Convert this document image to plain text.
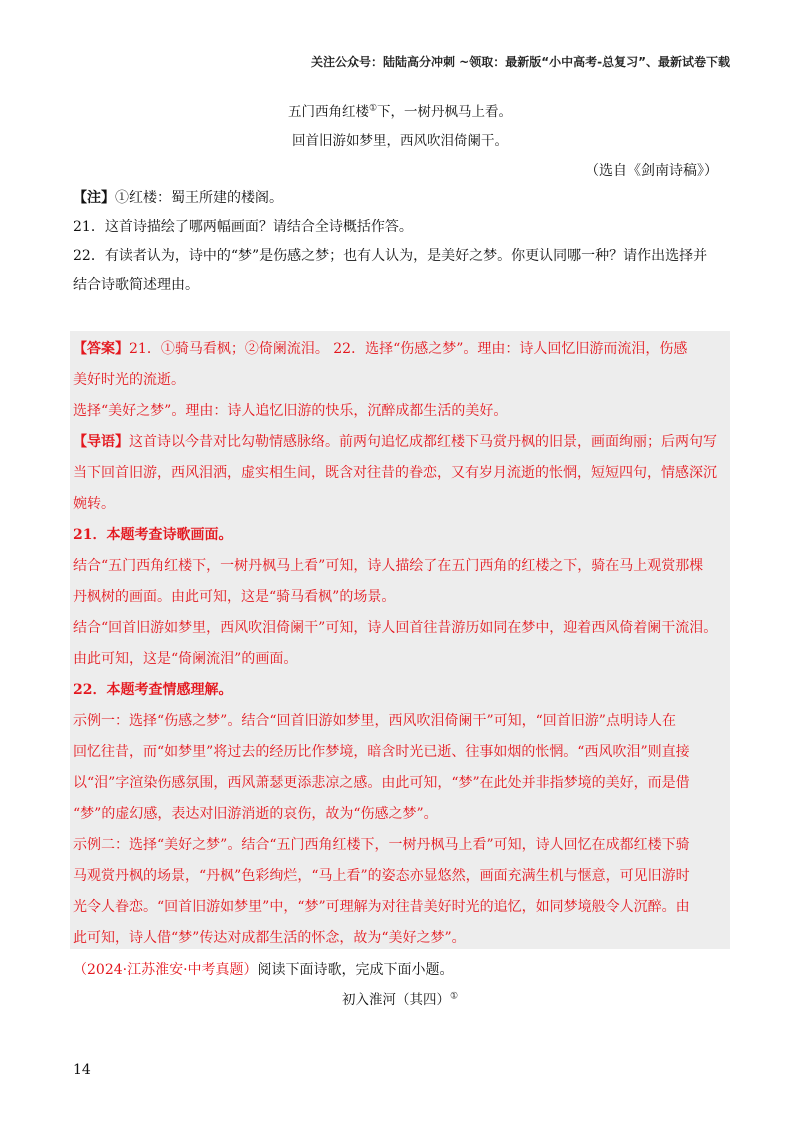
关注公众号：陆陆高分冲刺 ~领取：最新版“小中高考-总复习”、最新试卷下载
五门西角红楼①下，一树丹枫马上看。
回首旧游如梦里，西风吹泪倚阑干。
（选自《剑南诗稿》）
【注】①红楼：蜀王所建的楼阁。
21．这首诗描绘了哪两幅画面？请结合全诗概括作答。
22．有读者认为，诗中的“梦”是伤感之梦；也有人认为，是美好之梦。你更认同哪一种？请作出选择并
结合诗歌简述理由。
【答案】21．①骑马看枫；②倚阑流泪。 22．选择“伤感之梦”。理由：诗人回忆旧游而流泪，伤感
美好时光的流逝。
选择“美好之梦”。理由：诗人追忆旧游的快乐，沉醉成都生活的美好。
【导语】这首诗以今昔对比勾勒情感脉络。前两句追忆成都红楼下马赏丹枫的旧景，画面绚丽；后两句写
当下回首旧游，西风泪洒，虚实相生间，既含对往昔的眷恋，又有岁月流逝的怅惘，短短四句，情感深沉
婉转。
21．本题考查诗歌画面。
结合“五门西角红楼下，一树丹枫马上看”可知，诗人描绘了在五门西角的红楼之下，骑在马上观赏那棵
丹枫树的画面。由此可知，这是“骑马看枫”的场景。
结合“回首旧游如梦里，西风吹泪倚阑干”可知，诗人回首往昔游历如同在梦中，迎着西风倚着阑干流泪。
由此可知，这是“倚阑流泪”的画面。
22．本题考查情感理解。
示例一：选择“伤感之梦”。结合“回首旧游如梦里，西风吹泪倚阑干”可知，“回首旧游”点明诗人在
回忆往昔，而“如梦里”将过去的经历比作梦境，暗含时光已逝、往事如烟的怅惘。“西风吹泪”则直接
以“泪”字渲染伤感氛围，西风萧瑟更添悲凉之感。由此可知，“梦”在此处并非指梦境的美好，而是借
“梦”的虚幻感，表达对旧游消逝的哀伤，故为“伤感之梦”。
示例二：选择“美好之梦”。结合“五门西角红楼下，一树丹枫马上看”可知，诗人回忆在成都红楼下骑
马观赏丹枫的场景，“丹枫”色彩绚烂，“马上看”的姿态亦显悠然，画面充满生机与惬意，可见旧游时
光令人眷恋。“回首旧游如梦里”中，“梦”可理解为对往昔美好时光的追忆，如同梦境般令人沉醉。由
此可知，诗人借“梦”传达对成都生活的怀念，故为“美好之梦”。
（2024·江苏淮安·中考真题）阅读下面诗歌，完成下面小题。
初入淮河（其四）①
14
